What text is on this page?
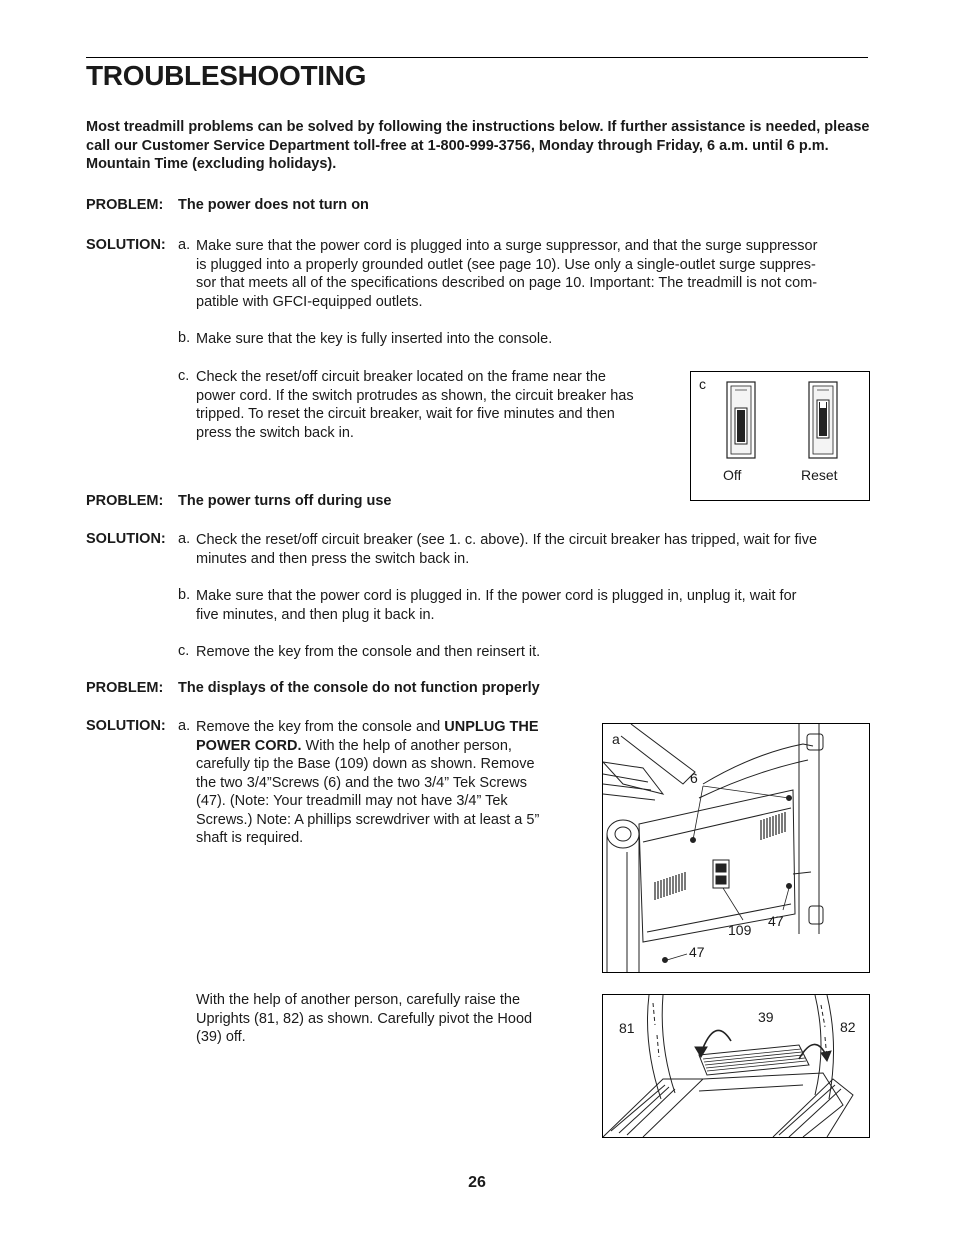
TROUBLESHOOTING

Most treadmill problems can be solved by following the instructions below. If further assistance is needed, please call our Customer Service Department toll-free at 1-800-999-3756, Monday through Friday, 6 a.m. until 6 p.m. Mountain Time (excluding holidays).

PROBLEM: The power does not turn on
SOLUTION: a. Make sure that the power cord is plugged into a surge suppressor, and that the surge suppressor
is plugged into a properly grounded outlet (see page 10). Use only a single-outlet surge suppres-
sor that meets all of the specifications described on page 10. Important: The treadmill is not com-
patible with GFCI-equipped outlets.
b. Make sure that the key is fully inserted into the console.
c. Check the reset/off circuit breaker located on the frame near the
power cord. If the switch protrudes as shown, the circuit breaker has
tripped. To reset the circuit breaker, wait for five minutes and then
press the switch back in.
c
Off	Reset
PROBLEM: The power turns off during use
SOLUTION: a. Check the reset/off circuit breaker (see 1. c. above). If the circuit breaker has tripped, wait for five
minutes and then press the switch back in.
b. Make sure that the power cord is plugged in. If the power cord is plugged in, unplug it, wait for
five minutes, and then plug it back in.
c. Remove the key from the console and then reinsert it.
PROBLEM: The displays of the console do not function properly
SOLUTION: a. Remove the key from the console and UNPLUG THE
POWER CORD. With the help of another person,
carefully tip the Base (109) down as shown. Remove
the two 3/4”Screws (6) and the two 3/4” Tek Screws
(47). (Note: Your treadmill may not have 3/4” Tek
Screws.) Note: A phillips screwdriver with at least a 5”
shaft is required.
a
6
109
47
47
With the help of another person, carefully raise the
Uprights (81, 82) as shown. Carefully pivot the Hood
(39) off.
81
39
82
26
